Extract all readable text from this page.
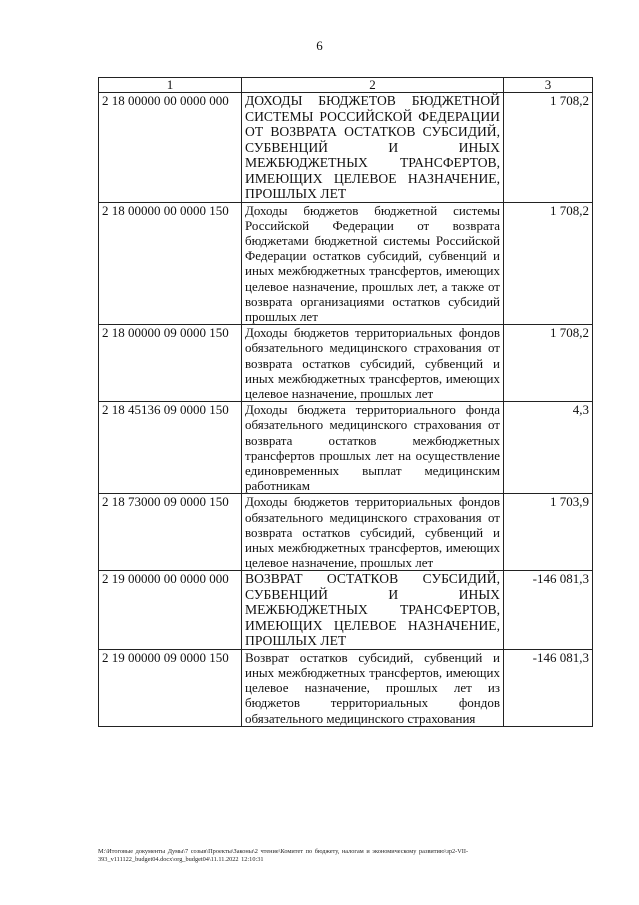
6
1	2	3
2 18 00000 00 0000 000	ДОХОДЫ БЮДЖЕТОВ БЮДЖЕТНОЙ СИСТЕМЫ РОССИЙСКОЙ ФЕДЕРАЦИИ ОТ ВОЗВРАТА ОСТАТКОВ СУБСИДИЙ, СУБВЕНЦИЙ И ИНЫХ МЕЖБЮДЖЕТНЫХ ТРАНСФЕРТОВ, ИМЕЮЩИХ ЦЕЛЕВОЕ НАЗНАЧЕНИЕ, ПРОШЛЫХ ЛЕТ	1 708,2
2 18 00000 00 0000 150	Доходы бюджетов бюджетной системы Российской Федерации от возврата бюджетами бюджетной системы Российской Федерации остатков субсидий, субвенций и иных межбюджетных трансфертов, имеющих целевое назначение, прошлых лет, а также от возврата организациями остатков субсидий прошлых лет	1 708,2
2 18 00000 09 0000 150	Доходы бюджетов территориальных фондов обязательного медицинского страхования от возврата остатков субсидий, субвенций и иных межбюджетных трансфертов, имеющих целевое назначение, прошлых лет	1 708,2
2 18 45136 09 0000 150	Доходы бюджета территориального фонда обязательного медицинского страхования от возврата остатков межбюджетных трансфертов прошлых лет на осуществление единовременных выплат медицинским работникам	4,3
2 18 73000 09 0000 150	Доходы бюджетов территориальных фондов обязательного медицинского страхования от возврата остатков субсидий, субвенций и иных межбюджетных трансфертов, имеющих целевое назначение, прошлых лет	1 703,9
2 19 00000 00 0000 000	ВОЗВРАТ ОСТАТКОВ СУБСИДИЙ, СУБВЕНЦИЙ И ИНЫХ МЕЖБЮДЖЕТНЫХ ТРАНСФЕРТОВ, ИМЕЮЩИХ ЦЕЛЕВОЕ НАЗНАЧЕНИЕ, ПРОШЛЫХ ЛЕТ	-146 081,3
2 19 00000 09 0000 150	Возврат остатков субсидий, субвенций и иных межбюджетных трансфертов, имеющих целевое назначение, прошлых лет из бюджетов территориальных фондов обязательного медицинского страхования	-146 081,3
М:\Итоговые документы Думы\7 созыв\Проекты\Законы\2 чтение\Комитет по бюджету, налогам и экономическому развитию\зр2-VII-
393_v111122_budget04.docx\org_budget04\11.11.2022 12:10:31
